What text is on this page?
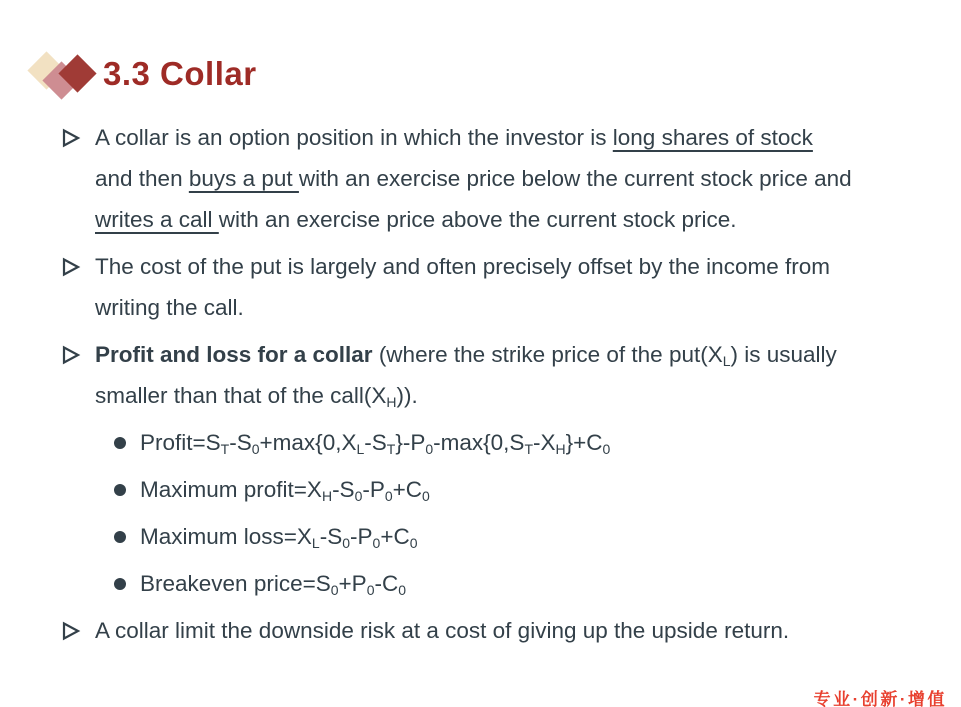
3.3 Collar
A collar is an option position in which the investor is long shares of stock
and then buys a put with an exercise price below the current stock price and
writes a call with an exercise price above the current stock price.
The cost of the put is largely and often precisely offset by the income from
writing the call.
Profit and loss for a collar (where the strike price of the put(XL) is usually
smaller than that of the call(XH)).
Profit=ST-S0+max{0,XL-ST}-P0-max{0,ST-XH}+C0
Maximum profit=XH-S0-P0+C0
Maximum loss=XL-S0-P0+C0
Breakeven price=S0+P0-C0
A collar limit the downside risk at a cost of giving up the upside return.
专业·创新·增值
